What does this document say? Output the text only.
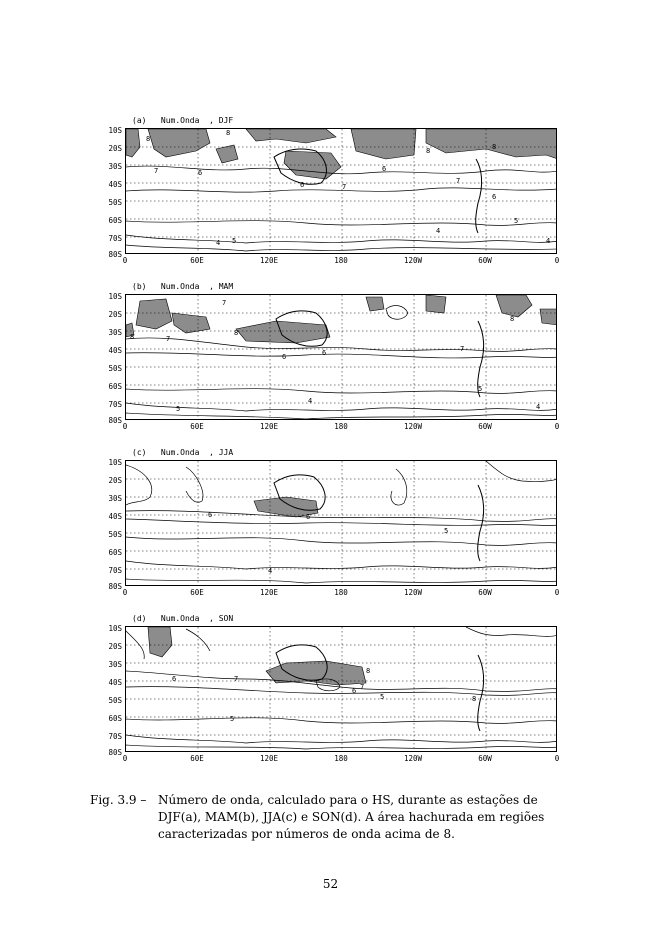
(a)   Num.Onda  , DJF
10S
20S
30S
40S
50S
60S
70S
80S
8
8
7	6
6
6
7
8
6
7
8
5
4 5
4
4
0	60E	120E	180	120W	60W	0
(b)   Num.Onda  , MAM
10S
20S
30S
40S
50S
60S
70S
80S
7
7
8	8
6	6
8
7
5
5
4
4
0	60E	120E	180	120W	60W	0
(c)   Num.Onda  , JJA
10S
20S
30S
40S
50S
60S
70S
80S
6	6
5
4
0	60E	120E	180	120W	60W	0
(d)   Num.Onda  , SON
10S
20S
30S
40S
50S
60S
70S
80S
8
7
6
6 7
8
5
5
0	60E	120E	180	120W	60W	0
Fig. 3.9 – Número de onda, calculado para o HS, durante as estações de DJF(a), MAM(b), JJA(c) e SON(d). A área hachurada em regiões caracterizadas por números de onda acima de 8.
52
